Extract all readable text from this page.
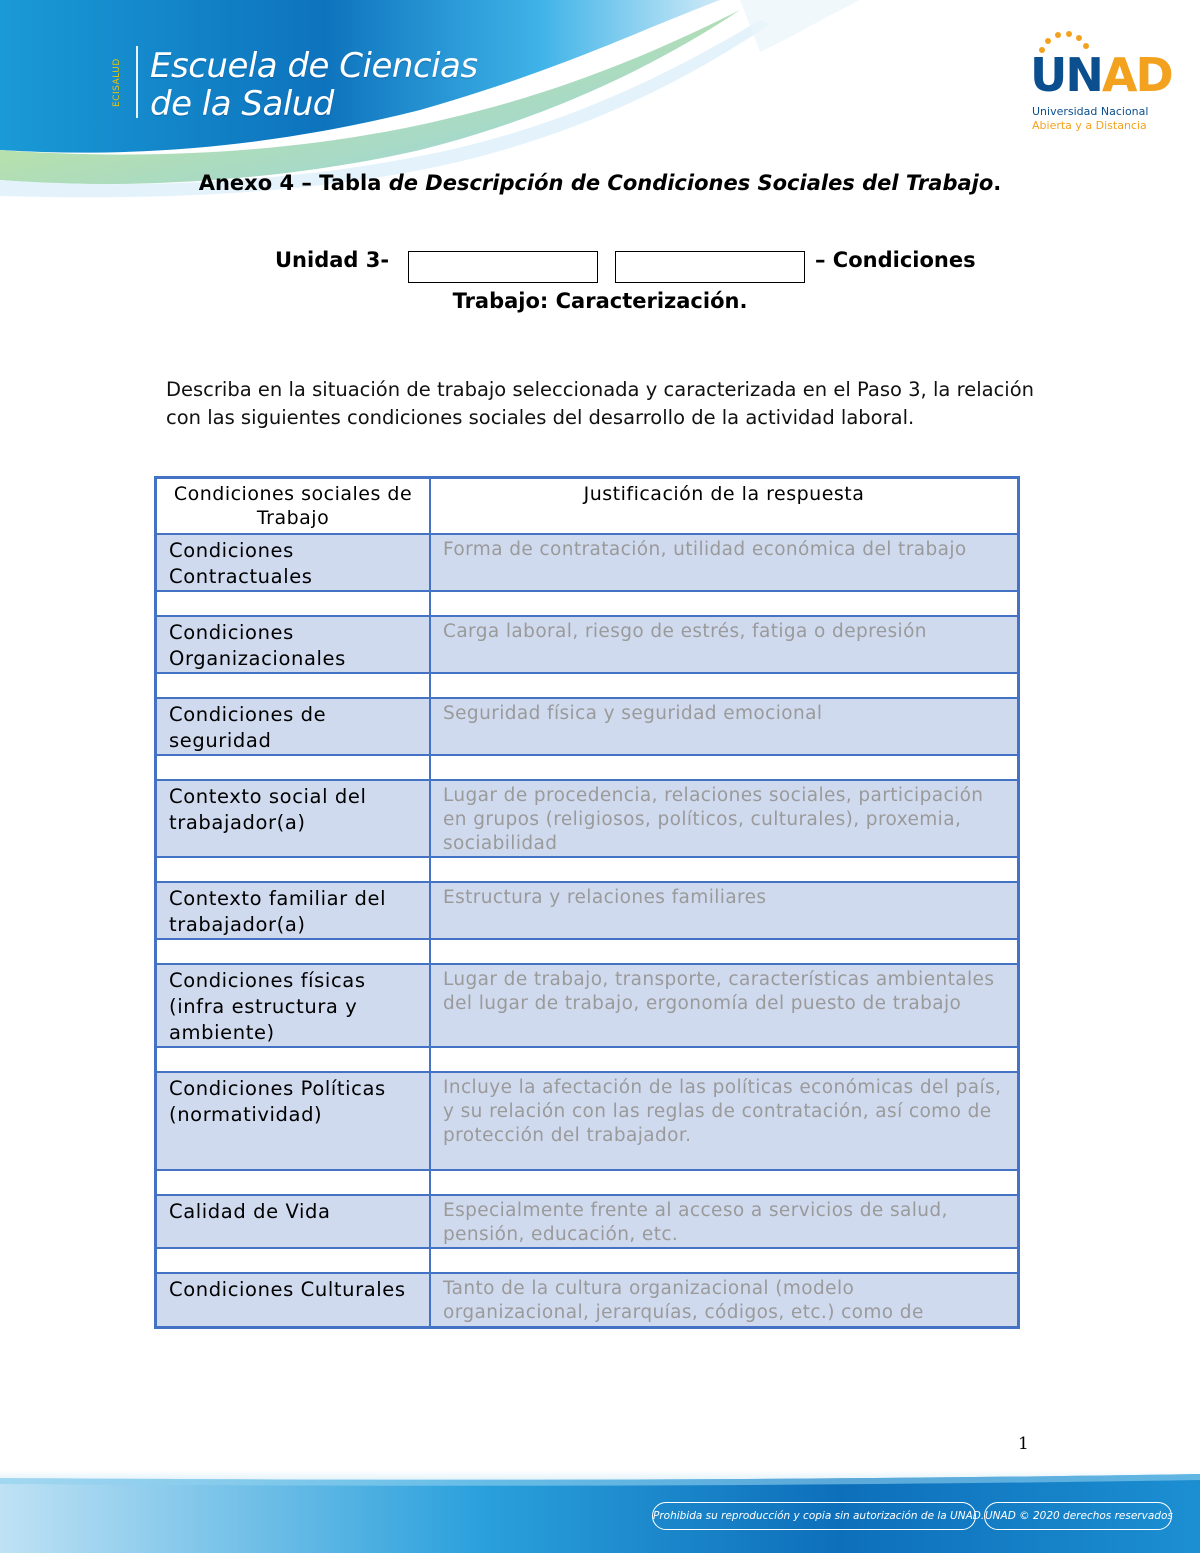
ECISALUD Escuela de Ciencias
de la Salud
UNAD
Universidad Nacional
Abierta y a Distancia
Anexo 4 – Tabla de Descripción de Condiciones Sociales del Trabajo.
Unidad 3-	– Condiciones
Trabajo: Caracterización.
Describa en la situación de trabajo seleccionada y caracterizada en el Paso 3, la relación con las siguientes condiciones sociales del desarrollo de la actividad laboral.
Condiciones sociales de Trabajo	Justificación de la respuesta
Condiciones Contractuales	Forma de contratación, utilidad económica del trabajo

Condiciones Organizacionales	Carga laboral, riesgo de estrés, fatiga o depresión

Condiciones de seguridad	Seguridad física y seguridad emocional

Contexto social del trabajador(a)	Lugar de procedencia, relaciones sociales, participación en grupos (religiosos, políticos, culturales), proxemia, sociabilidad

Contexto familiar del trabajador(a)	Estructura y relaciones familiares

Condiciones físicas (infra estructura y ambiente)	Lugar de trabajo, transporte, características ambientales del lugar de trabajo, ergonomía del puesto de trabajo

Condiciones Políticas (normatividad)	Incluye la afectación de las políticas económicas del país, y su relación con las reglas de contratación, así como de protección del trabajador.

Calidad de Vida	Especialmente frente al acceso a servicios de salud, pensión, educación, etc.

Condiciones Culturales	Tanto de la cultura organizacional (modelo organizacional, jerarquías, códigos, etc.) como de
1
Prohibida su reproducción y copia sin autorización de la UNAD. UNAD © 2020 derechos reservados
